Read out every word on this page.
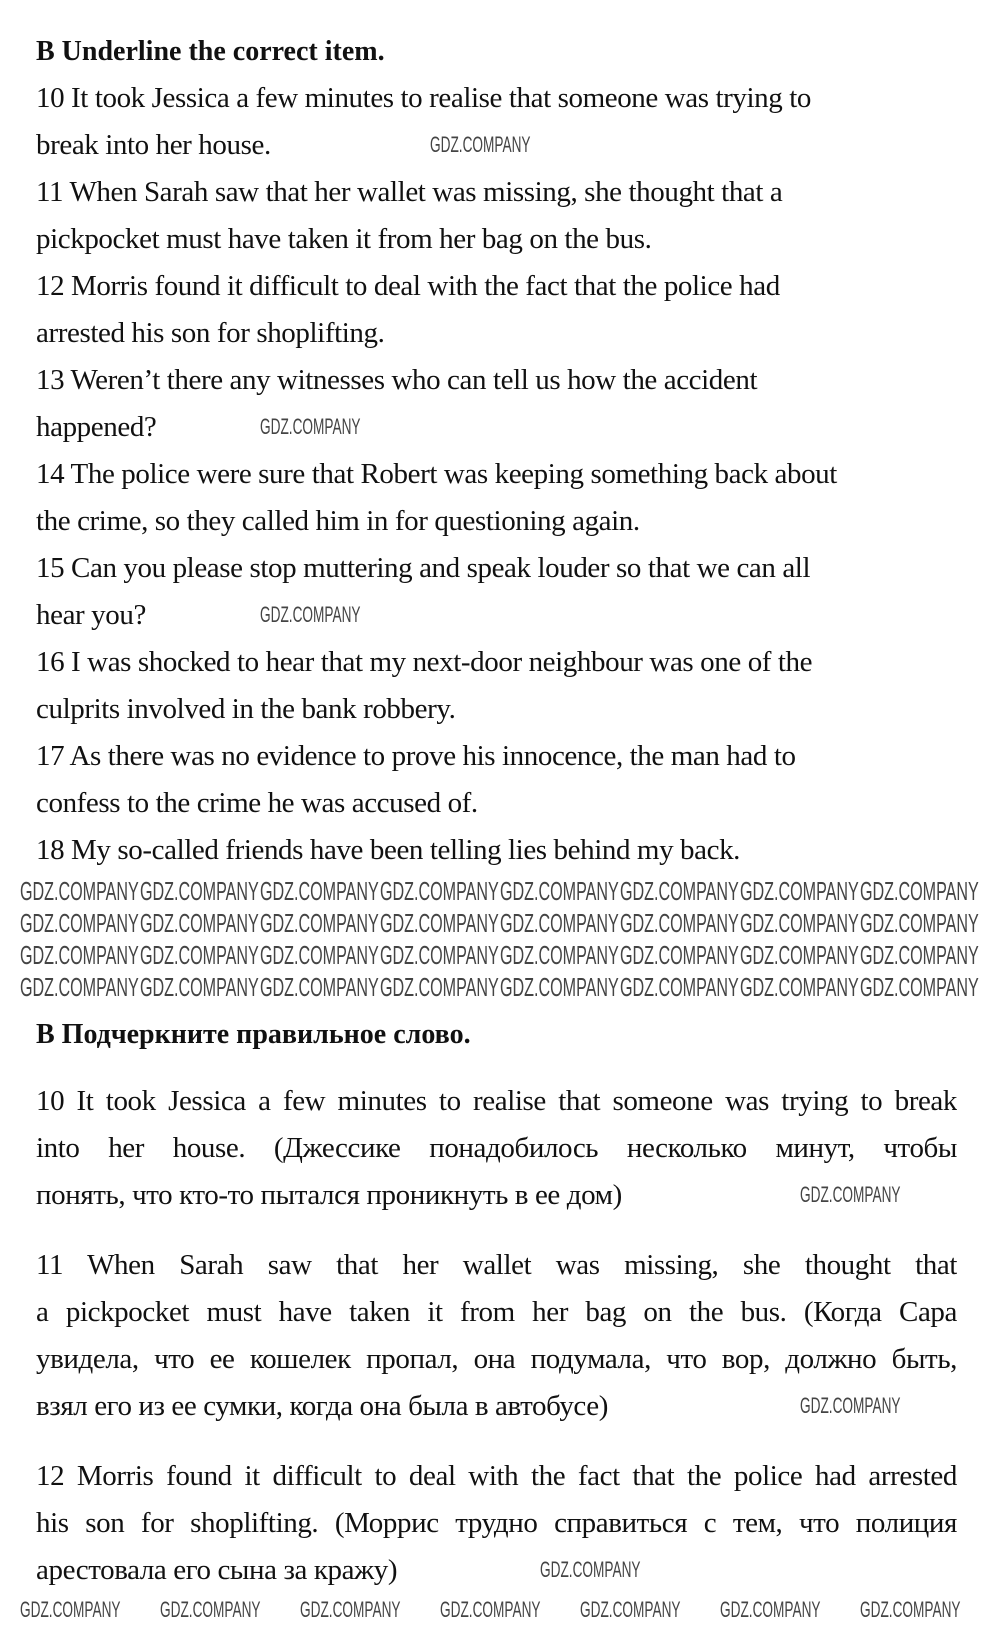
B Underline the correct item.
10 It took Jessica a few minutes to realise that someone was trying to
break into her house.
11 When Sarah saw that her wallet was missing, she thought that a
pickpocket must have taken it from her bag on the bus.
12 Morris found it difficult to deal with the fact that the police had
arrested his son for shoplifting.
13 Weren’t there any witnesses who can tell us how the accident
happened?
14 The police were sure that Robert was keeping something back about
the crime, so they called him in for questioning again.
15 Can you please stop muttering and speak louder so that we can all
hear you?
16 I was shocked to hear that my next-door neighbour was one of the
culprits involved in the bank robbery.
17 As there was no evidence to prove his innocence, the man had to
confess to the crime he was accused of.
18 My so-called friends have been telling lies behind my back.
B Подчеркните правильное слово.
10 It took Jessica a few minutes to realise that someone was trying to break
into her house. (Джессике понадобилось несколько минут, чтобы
понять, что кто-то пытался проникнуть в ее дом)
11 When Sarah saw that her wallet was missing, she thought that
a pickpocket must have taken it from her bag on the bus. (Когда Сара
увидела, что ее кошелек пропал, она подумала, что вор, должно быть,
взял его из ее сумки, когда она была в автобусе)
12 Morris found it difficult to deal with the fact that the police had arrested
his son for shoplifting. (Моррис трудно справиться с тем, что полиция
арестовала его сына за кражу)
GDZ.COMPANY GDZ.COMPANY GDZ.COMPANY GDZ.COMPANY GDZ.COMPANY GDZ.COMPANY GDZ.COMPANY GDZ.COMPANY
GDZ.COMPANY GDZ.COMPANY GDZ.COMPANY GDZ.COMPANY GDZ.COMPANY GDZ.COMPANY GDZ.COMPANY GDZ.COMPANY
GDZ.COMPANY GDZ.COMPANY GDZ.COMPANY GDZ.COMPANY GDZ.COMPANY GDZ.COMPANY GDZ.COMPANY GDZ.COMPANY
GDZ.COMPANY GDZ.COMPANY GDZ.COMPANY GDZ.COMPANY GDZ.COMPANY GDZ.COMPANY GDZ.COMPANY GDZ.COMPANY
GDZ.COMPANY GDZ.COMPANY GDZ.COMPANY GDZ.COMPANY GDZ.COMPANY GDZ.COMPANY GDZ.COMPANY
GDZ.COMPANY
GDZ.COMPANY
GDZ.COMPANY
GDZ.COMPANY
GDZ.COMPANY
GDZ.COMPANY
